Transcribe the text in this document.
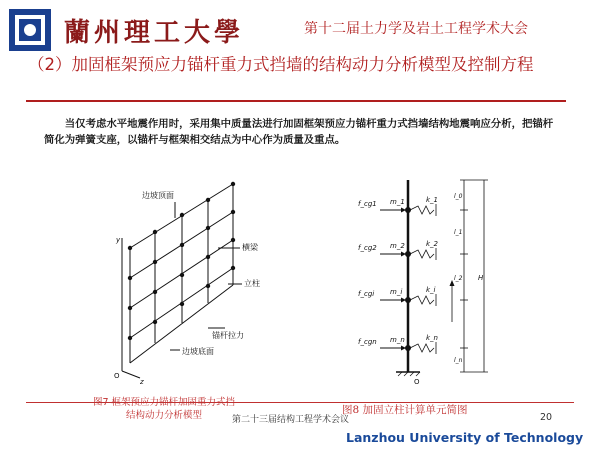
蘭州理工大學	第十二届土力学及岩土工程学术大会
（2）加固框架预应力锚杆重力式挡墙的结构动力分析模型及控制方程
当仅考虑水平地震作用时，采用集中质量法进行加固框架预应力锚杆重力式挡墙结构地震响应分析，把锚杆简化为弹簧支座，以锚杆与框架相交结点为中心作为质量及重点。
边坡顶面
横梁
立柱
锚杆拉力
边坡底面
y
z
O
f_cg1
f_cg2
f_cgi
f_cgn
m_1
m_2
m_i
m_n
k_1
k_2
k_i
k_n
O
H
l_0
l_1
l_2
l_n
结构动力分析模型	图8 加固立柱计算单元简图
第二十三届结构工程学术会议	20
Lanzhou University of Technology
